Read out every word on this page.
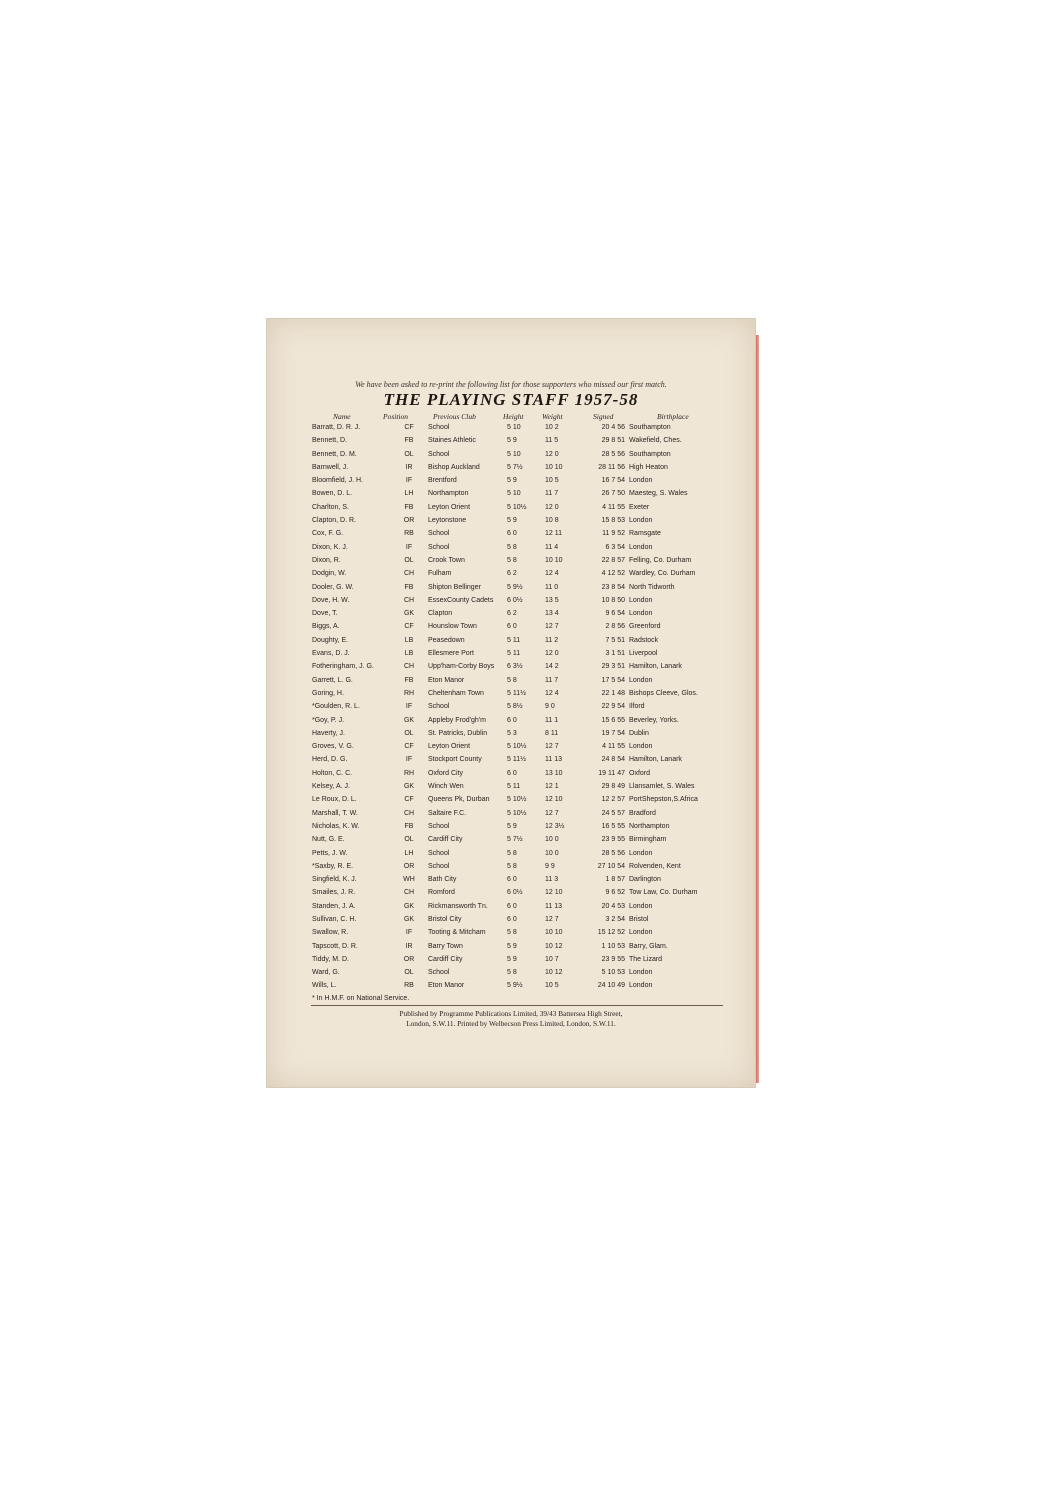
We have been asked to re-print the following list for those supporters who missed our first match.
THE PLAYING STAFF 1957-58
Name	Position	Previous Club	Height Weight	Signed	Birthplace
Barratt, D. R. J.	CF	School	5 10	10 2	20 4 56 Southampton
Bennett, D.	FB	Staines Athletic	5 9	11 5	29 8 51 Wakefield, Ches.
Bennett, D. M.	OL	School	5 10	12 0	28 5 56 Southampton
Barnwell, J.	IR	Bishop Auckland	5 7½	10 10	28 11 56 High Heaton
Bloomfield, J. H.	IF	Brentford	5 9	10 5	16 7 54 London
Bowen, D. L.	LH	Northampton	5 10	11 7	26 7 50 Maesteg, S. Wales
Charlton, S.	FB	Leyton Orient	5 10½	12 0	4 11 55 Exeter
Clapton, D. R.	OR	Leytonstone	5 9	10 8	15 8 53 London
Cox, F. G.	RB	School	6 0	12 11	11 9 52 Ramsgate
Dixon, K. J.	IF	School	5 8	11 4	6 3 54 London
Dixon, R.	OL	Crook Town	5 8	10 10	22 8 57 Felling, Co. Durham
Dodgin, W.	CH	Fulham	6 2	12 4	4 12 52 Wardley, Co. Durham
Dooler, G. W.	FB	Shipton Bellinger	5 9½	11 0	23 8 54 North Tidworth
Dove, H. W.	CH	EssexCounty Cadets 6 0½	13 5	10 8 50 London
Dove, T.	GK	Clapton	6 2	13 4	9 6 54 London
Biggs, A.	CF	Hounslow Town	6 0	12 7	2 8 56 Greenford
Doughty, E.	LB	Peasedown	5 11	11 2	7 5 51 Radstock
Evans, D. J.	LB	Ellesmere Port	5 11	12 0	3 1 51 Liverpool
Fotheringham, J. G.	CH	Upp'ham-Corby Boys 6 3½	14 2	29 3 51 Hamilton, Lanark
Garrett, L. G.	FB	Eton Manor	5 8	11 7	17 5 54 London
Goring, H.	RH	Cheltenham Town	5 11½	12 4	22 1 48 Bishops Cleeve, Glos.
*Goulden, R. L.	IF	School	5 8½	9 0	22 9 54 Ilford
*Goy, P. J.	GK	Appleby Frod'gh'm	6 0	11 1	15 6 55 Beverley, Yorks.
Haverty, J.	OL	St. Patricks, Dublin	5 3	8 11	19 7 54 Dublin
Groves, V. G.	CF	Leyton Orient	5 10½	12 7	4 11 55 London
Herd, D. G.	IF	Stockport County	5 11½	11 13	24 8 54 Hamilton, Lanark
Holton, C. C.	RH	Oxford City	6 0	13 10	19 11 47 Oxford
Kelsey, A. J.	GK	Winch Wen	5 11	12 1	29 8 49 Llansamlet, S. Wales
Le Roux, D. L.	CF	Queens Pk, Durban	5 10½	12 10	12 2 57 PortShepston,S.Africa
Marshall, T. W.	CH	Saltaire F.C.	5 10½	12 7	24 5 57 Bradford
Nicholas, K. W.	FB	School	5 9	12 3½	16 5 55 Northampton
Nutt, G. E.	OL	Cardiff City	5 7½	10 0	23 9 55 Birmingham
Petts, J. W.	LH	School	5 8	10 0	28 5 56 London
*Saxby, R. E.	OR	School	5 8	9 9	27 10 54 Rolvenden, Kent
Singfield, K. J.	WH	Bath City	6 0	11 3	1 8 57 Darlington
Smailes, J. R.	CH	Romford	6 0½	12 10	9 6 52 Tow Law, Co. Durham
Standen, J. A.	GK	Rickmansworth Tn.	6 0	11 13	20 4 53 London
Sullivan, C. H.	GK	Bristol City	6 0	12 7	3 2 54 Bristol
Swallow, R.	IF	Tooting & Mitcham	5 8	10 10	15 12 52 London
Tapscott, D. R.	IR	Barry Town	5 9	10 12	1 10 53 Barry, Glam.
Tiddy, M. D.	OR	Cardiff City	5 9	10 7	23 9 55 The Lizard
Ward, G.	OL	School	5 8	10 12	5 10 53 London
Wills, L.	RB	Eton Manor	5 9½	10 5	24 10 49 London
* In H.M.F. on National Service.
Published by Programme Publications Limited, 39/43 Battersea High Street,
London, S.W.11. Printed by Welbecson Press Limited, London, S.W.11.
